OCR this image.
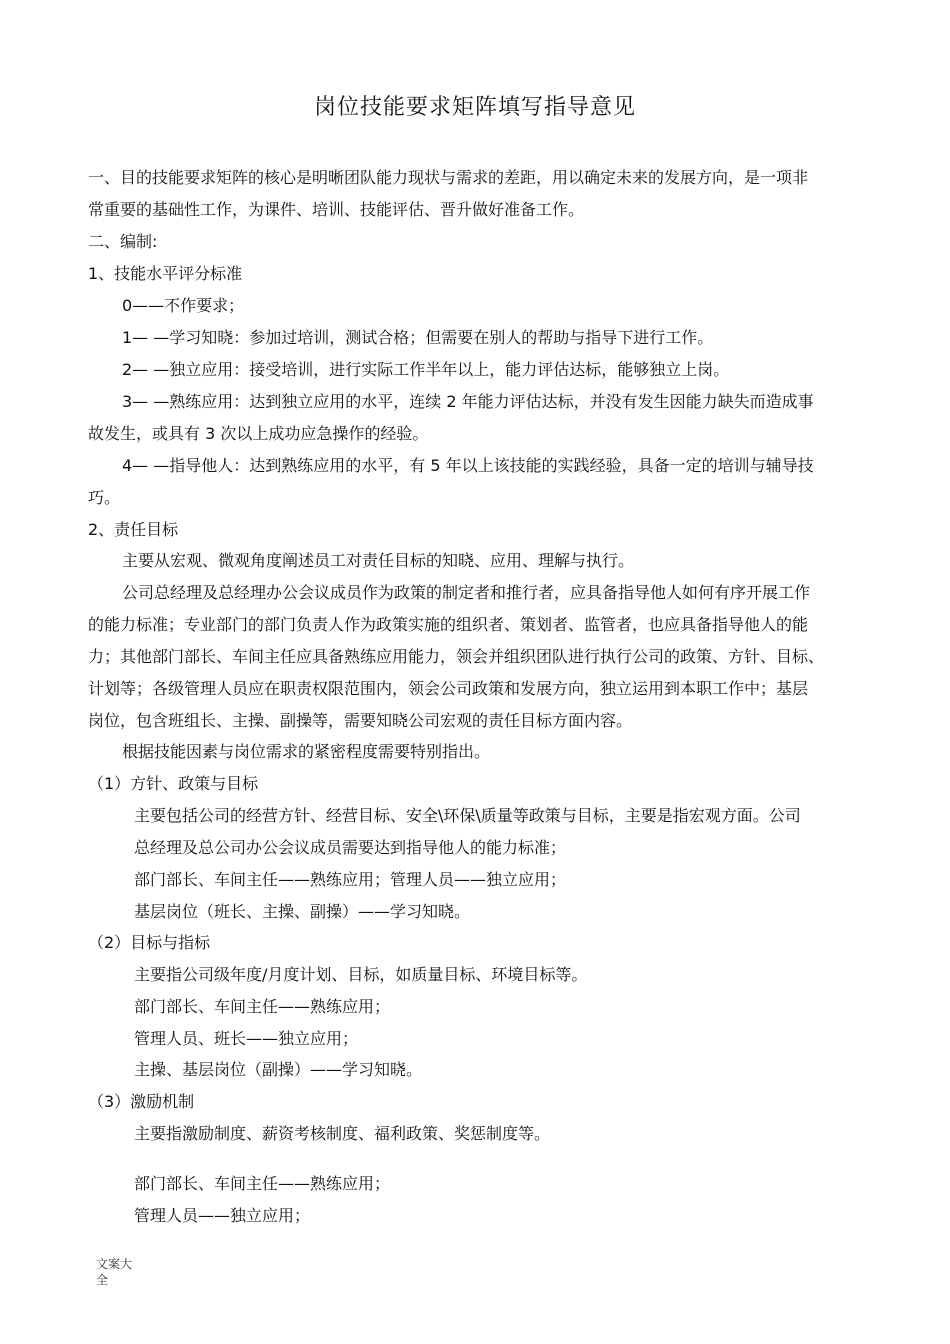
岗位技能要求矩阵填写指导意见
一、目的技能要求矩阵的核心是明晰团队能力现状与需求的差距，用以确定未来的发展方向，是一项非
常重要的基础性工作，为课件、培训、技能评估、晋升做好准备工作。
二、编制:
1、技能水平评分标准
0——不作要求；
1— —学习知晓：参加过培训，测试合格；但需要在别人的帮助与指导下进行工作。
2— —独立应用：接受培训，进行实际工作半年以上，能力评估达标，能够独立上岗。
3— —熟练应用：达到独立应用的水平，连续 2 年能力评估达标，并没有发生因能力缺失而造成事
故发生，或具有 3 次以上成功应急操作的经验。
4— —指导他人：达到熟练应用的水平，有 5 年以上该技能的实践经验，具备一定的培训与辅导技
巧。
2、责任目标
主要从宏观、微观角度阐述员工对责任目标的知晓、应用、理解与执行。
公司总经理及总经理办公会议成员作为政策的制定者和推行者，应具备指导他人如何有序开展工作
的能力标准；专业部门的部门负责人作为政策实施的组织者、策划者、监管者，也应具备指导他人的能
力；其他部门部长、车间主任应具备熟练应用能力，领会并组织团队进行执行公司的政策、方针、目标、
计划等；各级管理人员应在职责权限范围内，领会公司政策和发展方向，独立运用到本职工作中；基层
岗位，包含班组长、主操、副操等，需要知晓公司宏观的责任目标方面内容。
根据技能因素与岗位需求的紧密程度需要特别指出。
（1）方针、政策与目标
主要包括公司的经营方针、经营目标、安全\环保\质量等政策与目标，主要是指宏观方面。公司
总经理及总公司办公会议成员需要达到指导他人的能力标准；
部门部长、车间主任——熟练应用；管理人员——独立应用；
基层岗位（班长、主操、副操）——学习知晓。
（2）目标与指标
主要指公司级年度/月度计划、目标，如质量目标、环境目标等。
部门部长、车间主任——熟练应用；
管理人员、班长——独立应用；
主操、基层岗位（副操）——学习知晓。
（3）激励机制
主要指激励制度、薪资考核制度、福利政策、奖惩制度等。
部门部长、车间主任——熟练应用；
管理人员——独立应用；
文案大全
